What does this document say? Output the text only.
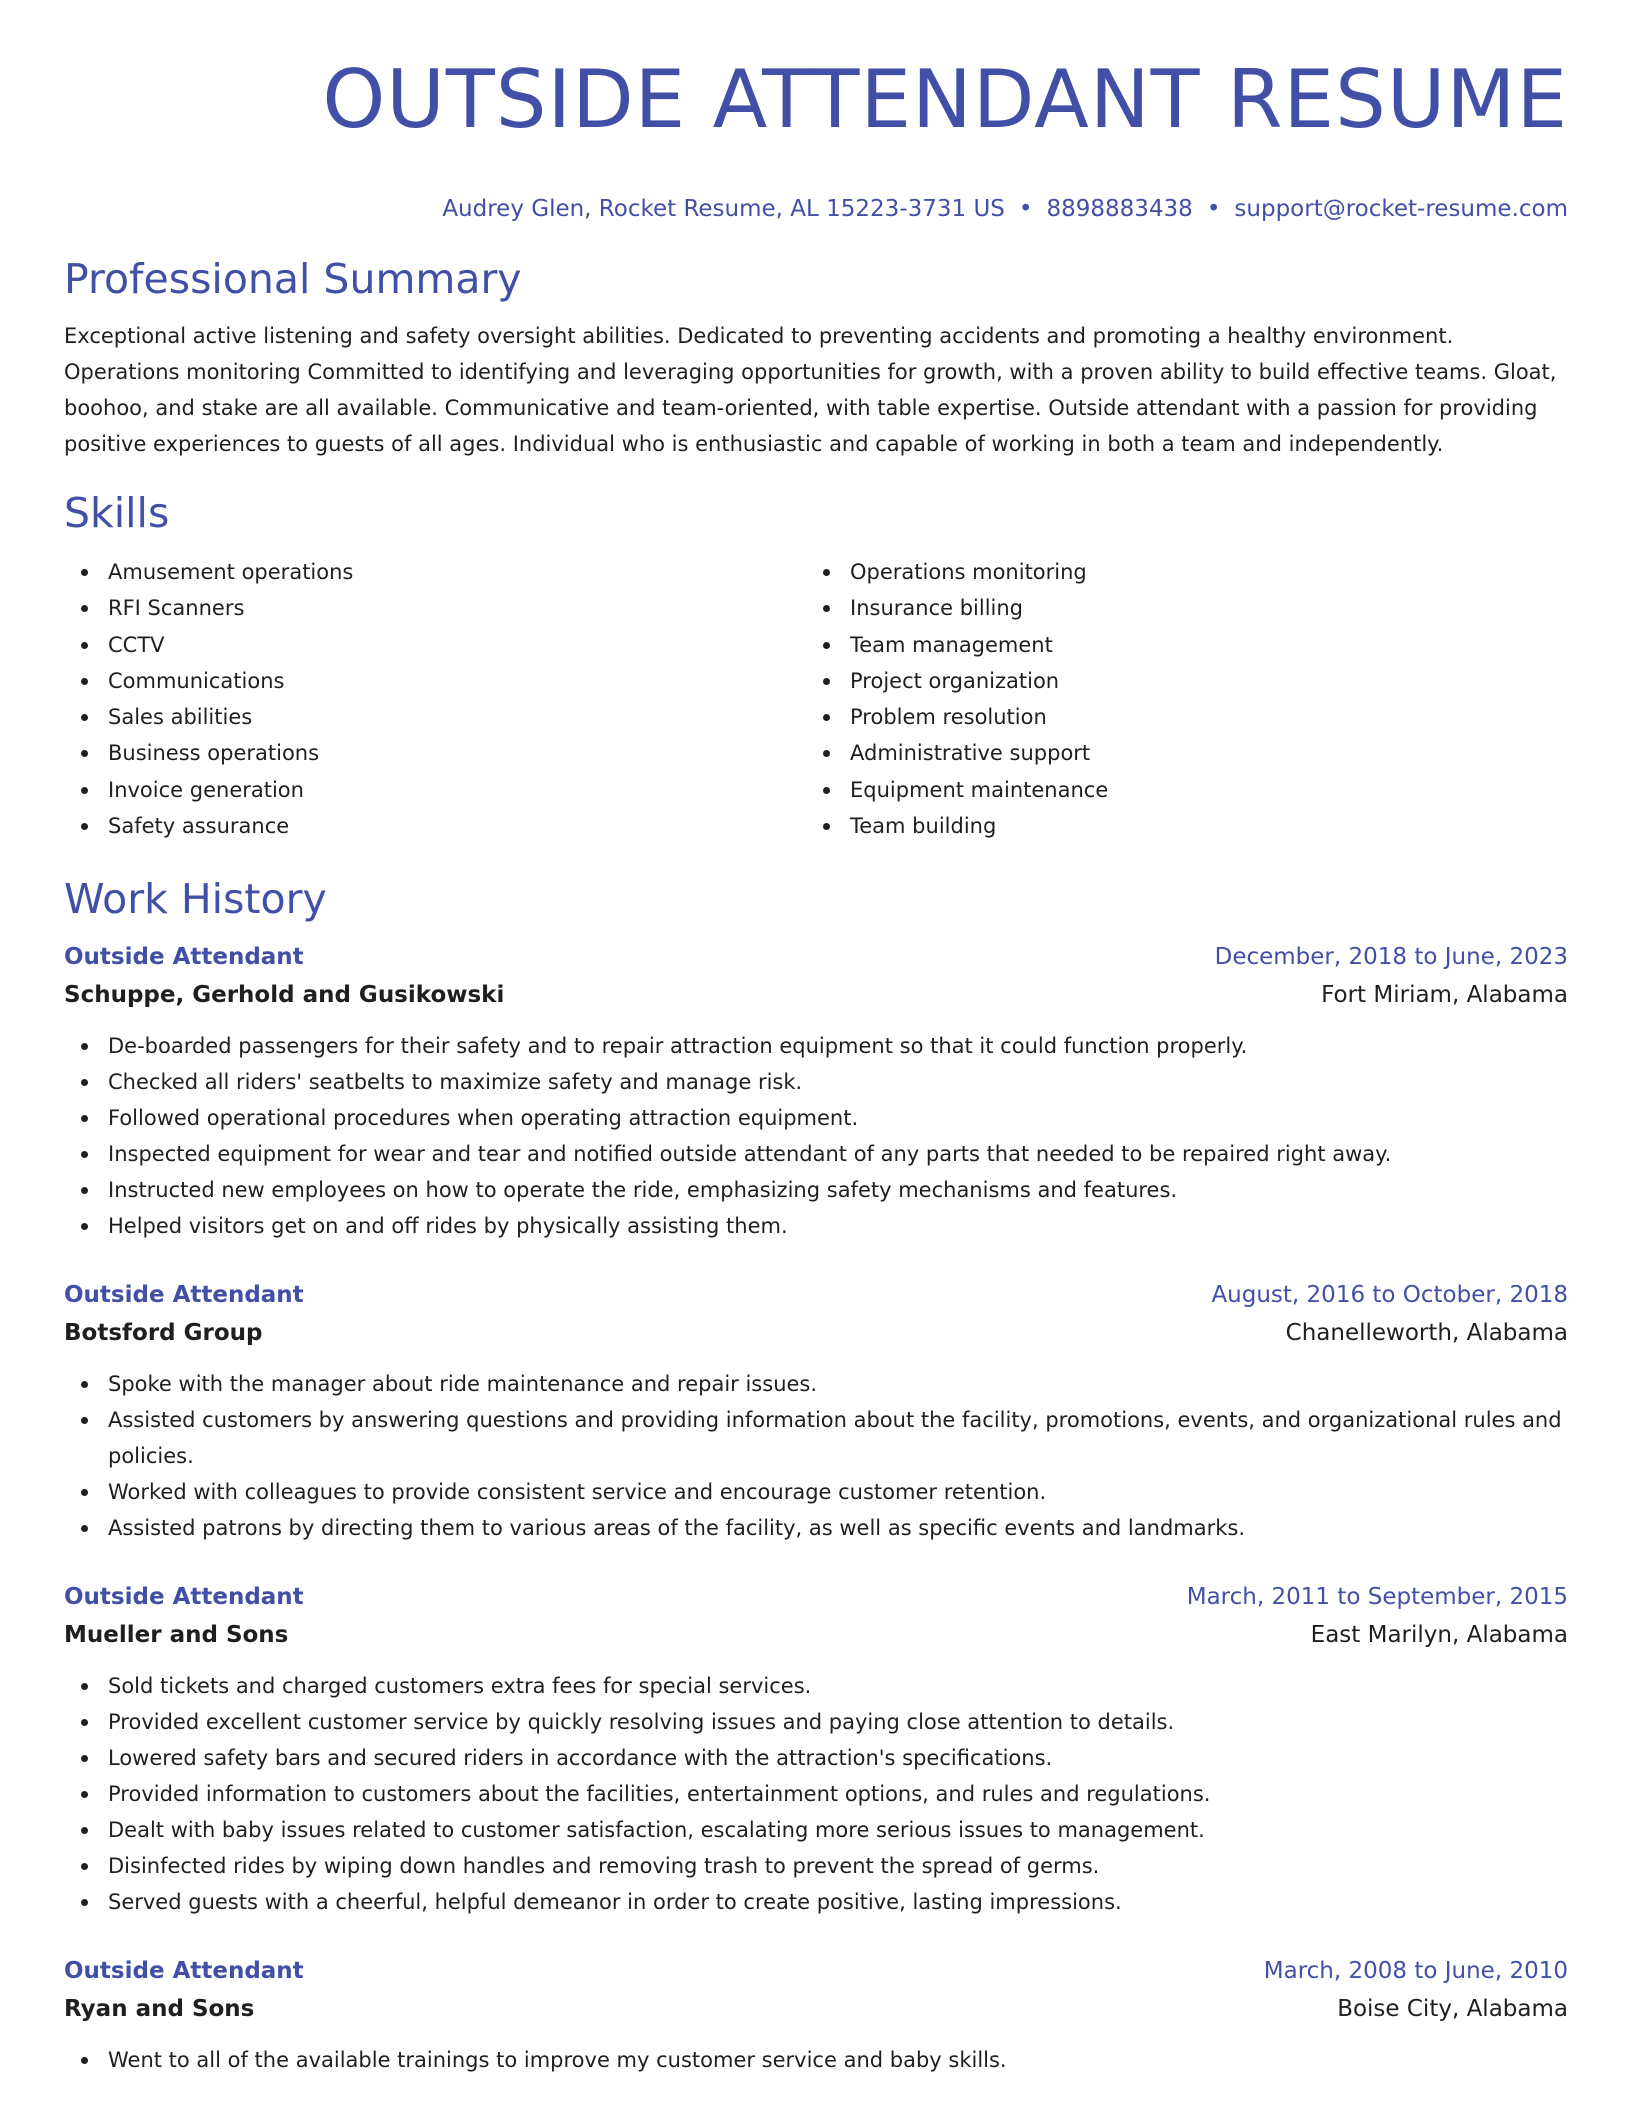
OUTSIDE ATTENDANT RESUME
Audrey Glen, Rocket Resume, AL 15223-3731 US • 8898883438 • support@rocket-resume.com
Professional Summary
Exceptional active listening and safety oversight abilities. Dedicated to preventing accidents and promoting a healthy environment. Operations monitoring Committed to identifying and leveraging opportunities for growth, with a proven ability to build effective teams. Gloat, boohoo, and stake are all available. Communicative and team-oriented, with table expertise. Outside attendant with a passion for providing positive experiences to guests of all ages. Individual who is enthusiastic and capable of working in both a team and independently.
Skills
Amusement operations
RFI Scanners
CCTV
Communications
Sales abilities
Business operations
Invoice generation
Safety assurance
Operations monitoring
Insurance billing
Team management
Project organization
Problem resolution
Administrative support
Equipment maintenance
Team building
Work History
Outside Attendant	December, 2018 to June, 2023
Schuppe, Gerhold and Gusikowski	Fort Miriam, Alabama
De-boarded passengers for their safety and to repair attraction equipment so that it could function properly.
Checked all riders' seatbelts to maximize safety and manage risk.
Followed operational procedures when operating attraction equipment.
Inspected equipment for wear and tear and notified outside attendant of any parts that needed to be repaired right away.
Instructed new employees on how to operate the ride, emphasizing safety mechanisms and features.
Helped visitors get on and off rides by physically assisting them.
Outside Attendant	August, 2016 to October, 2018
Botsford Group	Chanelleworth, Alabama
Spoke with the manager about ride maintenance and repair issues.
Assisted customers by answering questions and providing information about the facility, promotions, events, and organizational rules and policies.
Worked with colleagues to provide consistent service and encourage customer retention.
Assisted patrons by directing them to various areas of the facility, as well as specific events and landmarks.
Outside Attendant	March, 2011 to September, 2015
Mueller and Sons	East Marilyn, Alabama
Sold tickets and charged customers extra fees for special services.
Provided excellent customer service by quickly resolving issues and paying close attention to details.
Lowered safety bars and secured riders in accordance with the attraction's specifications.
Provided information to customers about the facilities, entertainment options, and rules and regulations.
Dealt with baby issues related to customer satisfaction, escalating more serious issues to management.
Disinfected rides by wiping down handles and removing trash to prevent the spread of germs.
Served guests with a cheerful, helpful demeanor in order to create positive, lasting impressions.
Outside Attendant	March, 2008 to June, 2010
Ryan and Sons	Boise City, Alabama
Went to all of the available trainings to improve my customer service and baby skills.
